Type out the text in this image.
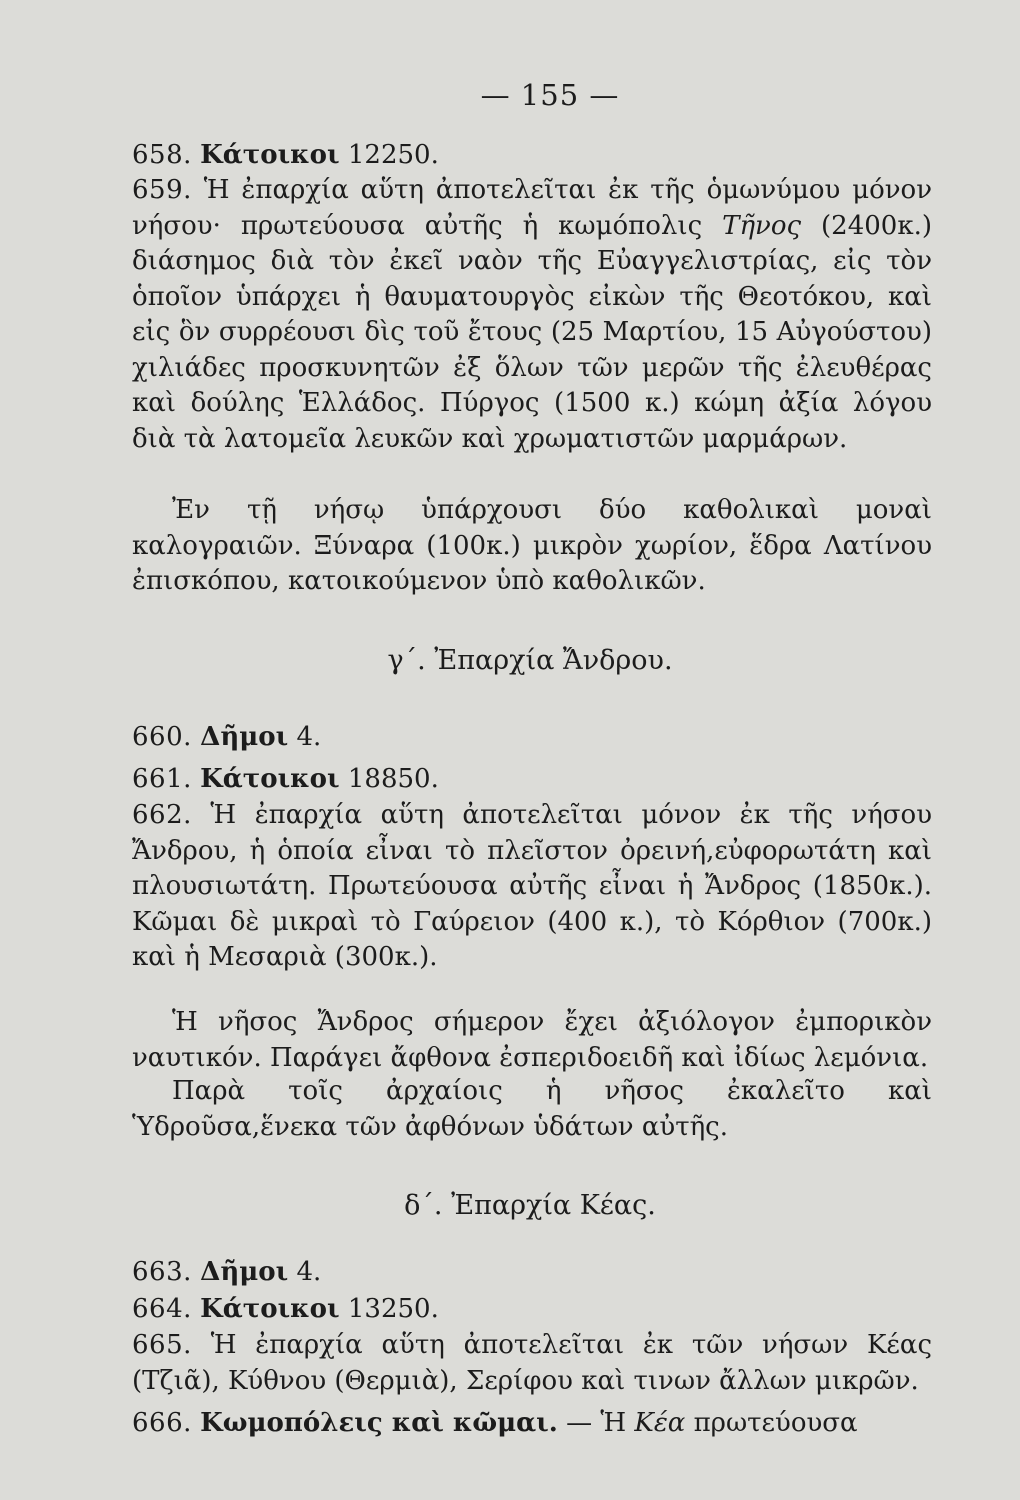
— 155 —

658. Κάτοικοι 12250.

659. Ἡ ἐπαρχία αὕτη ἀποτελεῖται ἐκ τῆς ὁμωνύμου μόνον νήσου· πρωτεύουσα αὐτῆς ἡ κωμόπολις Τῆνος (2400κ.) διάσημος διὰ τὸν ἐκεῖ ναὸν τῆς Εὐαγγελιστρίας, εἰς τὸν ὁποῖον ὑπάρχει ἡ θαυματουργὸς εἰκὼν τῆς Θεοτόκου, καὶ εἰς ὃν συρρέουσι δὶς τοῦ ἔτους (25 Μαρτίου, 15 Αὐγούστου) χιλιάδες προσκυνητῶν ἐξ ὅλων τῶν μερῶν τῆς ἐλευθέρας καὶ δούλης Ἑλλάδος. Πύργος (1500 κ.) κώμη ἀξία λόγου διὰ τὰ λατομεῖα λευκῶν καὶ χρωματιστῶν μαρμάρων.

Ἐν τῇ νήσῳ ὑπάρχουσι δύο καθολικαὶ μοναὶ καλογραιῶν. Ξύναρα (100κ.) μικρὸν χωρίον, ἕδρα Λατίνου ἐπισκόπου, κατοικούμενον ὑπὸ καθολικῶν.

γ΄. Ἐπαρχία Ἄνδρου.

660. Δῆμοι 4.

661. Κάτοικοι 18850.

662. Ἡ ἐπαρχία αὕτη ἀποτελεῖται μόνον ἐκ τῆς νήσου Ἄνδρου, ἡ ὁποία εἶναι τὸ πλεῖστον ὀρεινή,εὐφορωτάτη καὶ πλουσιωτάτη. Πρωτεύουσα αὐτῆς εἶναι ἡ Ἄνδρος (1850κ.). Κῶμαι δὲ μικραὶ τὸ Γαύρειον (400 κ.), τὸ Κόρθιον (700κ.) καὶ ἡ Μεσαριὰ (300κ.).

Ἡ νῆσος Ἄνδρος σήμερον ἔχει ἀξιόλογον ἐμπορικὸν ναυτικόν. Παράγει ἄφθονα ἐσπεριδοειδῆ καὶ ἰδίως λεμόνια.

Παρὰ τοῖς ἀρχαίοις ἡ νῆσος ἐκαλεῖτο καὶ Ὑδροῦσα,ἕνεκα τῶν ἀφθόνων ὑδάτων αὐτῆς.

δ΄. Ἐπαρχία Κέας.

663. Δῆμοι 4.

664. Κάτοικοι 13250.

665. Ἡ ἐπαρχία αὕτη ἀποτελεῖται ἐκ τῶν νήσων Κέας (Τζιᾶ), Κύθνου (Θερμιὰ), Σερίφου καὶ τινων ἄλλων μικρῶν.

666. Κωμοπόλεις καὶ κῶμαι. — Ἡ Κέα πρωτεύουσα
